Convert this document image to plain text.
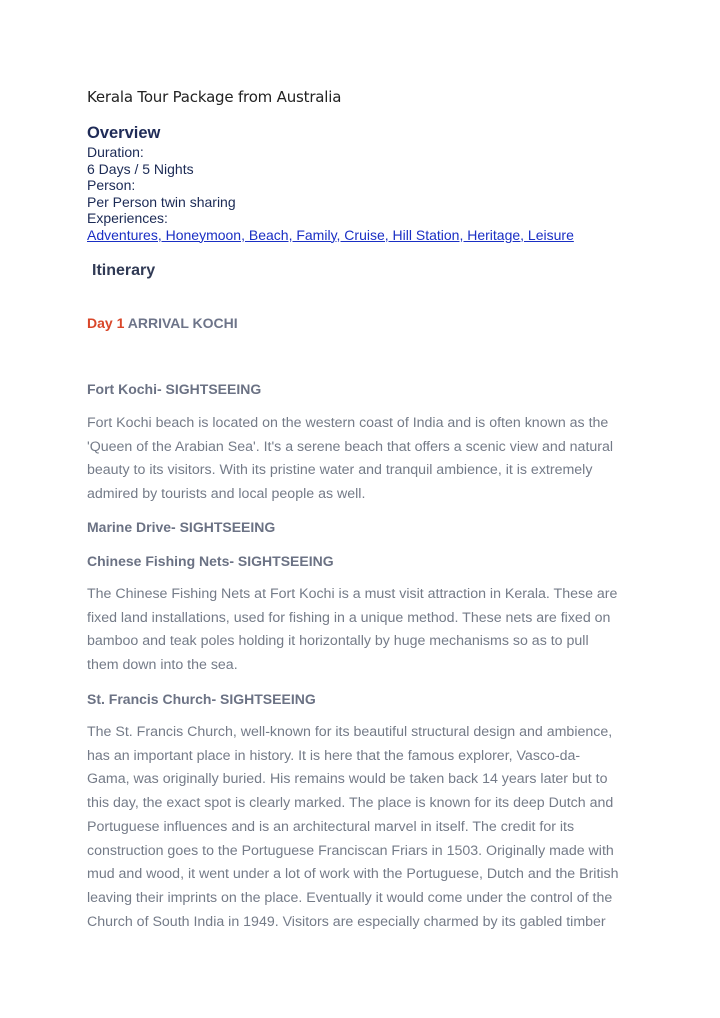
Kerala Tour Package from Australia
Overview
Duration:
6 Days / 5 Nights
Person:
Per Person twin sharing
Experiences:
Adventures, Honeymoon, Beach, Family, Cruise, Hill Station, Heritage, Leisure
Itinerary
Day 1 ARRIVAL KOCHI
Fort Kochi- SIGHTSEEING
Fort Kochi beach is located on the western coast of India and is often known as the
'Queen of the Arabian Sea'. It's a serene beach that offers a scenic view and natural
beauty to its visitors. With its pristine water and tranquil ambience, it is extremely
admired by tourists and local people as well.
Marine Drive- SIGHTSEEING
Chinese Fishing Nets- SIGHTSEEING
The Chinese Fishing Nets at Fort Kochi is a must visit attraction in Kerala. These are
fixed land installations, used for fishing in a unique method. These nets are fixed on
bamboo and teak poles holding it horizontally by huge mechanisms so as to pull
them down into the sea.
St. Francis Church- SIGHTSEEING
The St. Francis Church, well-known for its beautiful structural design and ambience,
has an important place in history. It is here that the famous explorer, Vasco-da-
Gama, was originally buried. His remains would be taken back 14 years later but to
this day, the exact spot is clearly marked. The place is known for its deep Dutch and
Portuguese influences and is an architectural marvel in itself. The credit for its
construction goes to the Portuguese Franciscan Friars in 1503. Originally made with
mud and wood, it went under a lot of work with the Portuguese, Dutch and the British
leaving their imprints on the place. Eventually it would come under the control of the
Church of South India in 1949. Visitors are especially charmed by its gabled timber
